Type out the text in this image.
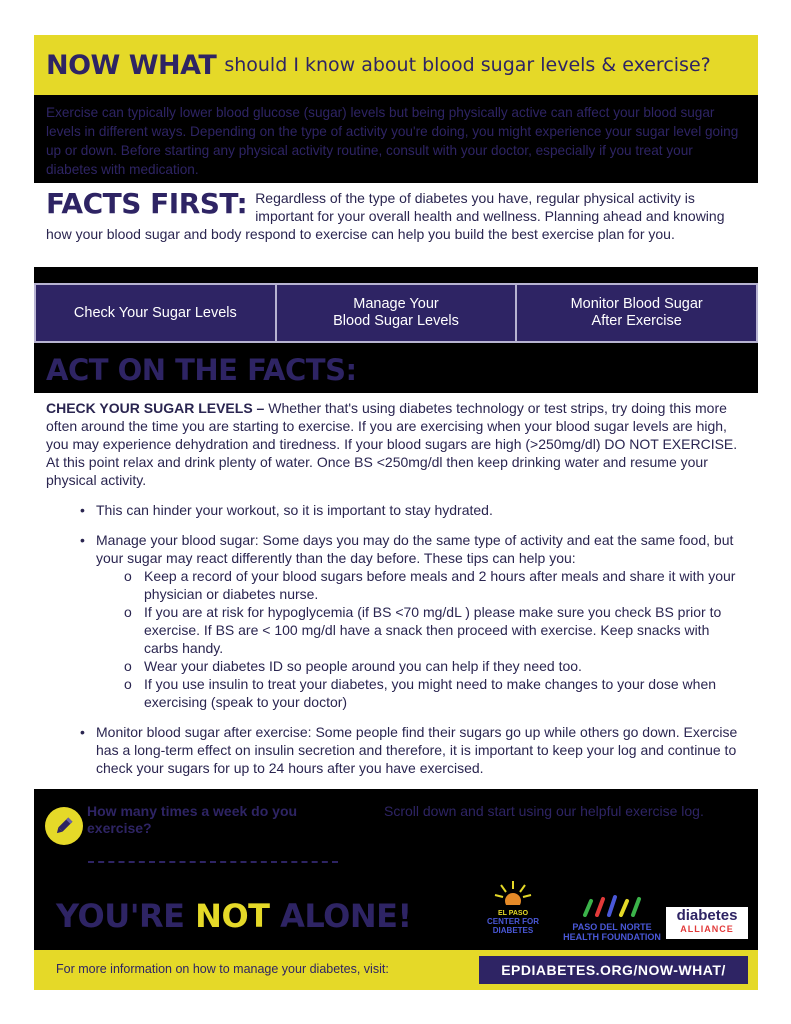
NOW WHAT should I know about blood sugar levels & exercise?
Exercise can typically lower blood glucose (sugar) levels but being physically active can affect your blood sugar levels in different ways. Depending on the type of activity you're doing, you might experience your sugar level going up or down. Before starting any physical activity routine, consult with your doctor, especially if you treat your diabetes with medication.
FACTS FIRST: Regardless of the type of diabetes you have, regular physical activity is important for your overall health and wellness. Planning ahead and knowing how your blood sugar and body respond to exercise can help you build the best exercise plan for you.
Check Your Sugar Levels
Manage Your
Blood Sugar Levels
Monitor Blood Sugar
After Exercise
ACT ON THE FACTS:

CHECK YOUR SUGAR LEVELS – Whether that's using diabetes technology or test strips, try doing this more often around the time you are starting to exercise. If you are exercising when your blood sugar levels are high, you may experience dehydration and tiredness. If your blood sugars are high (>250mg/dl) DO NOT EXERCISE. At this point relax and drink plenty of water. Once BS <250mg/dl then keep drinking water and resume your physical activity.

• This can hinder your workout, so it is important to stay hydrated.
• Manage your blood sugar: Some days you may do the same type of activity and eat the same food, but your sugar may react differently than the day before. These tips can help you:
o Keep a record of your blood sugars before meals and 2 hours after meals and share it with your physician or diabetes nurse.
o If you are at risk for hypoglycemia (if BS <70 mg/dL ) please make sure you check BS prior to exercise. If BS are < 100 mg/dl have a snack then proceed with exercise. Keep snacks with carbs handy.
o Wear your diabetes ID so people around you can help if they need too.
o If you use insulin to treat your diabetes, you might need to make changes to your dose when exercising (speak to your doctor)
• Monitor blood sugar after exercise: Some people find their sugars go up while others go down. Exercise has a long-term effect on insulin secretion and therefore, it is important to keep your log and continue to check your sugars for up to 24 hours after you have exercised.
How many times a week do you exercise?
Scroll down and start using our helpful exercise log.
YOU'RE NOT ALONE!	EL PASO
CENTER FOR
DIABETES	PASO DEL NORTE
HEALTH FOUNDATION
diabetes
ALLIANCE
For more information on how to manage your diabetes, visit:	EPDIABETES.ORG/NOW-WHAT/
